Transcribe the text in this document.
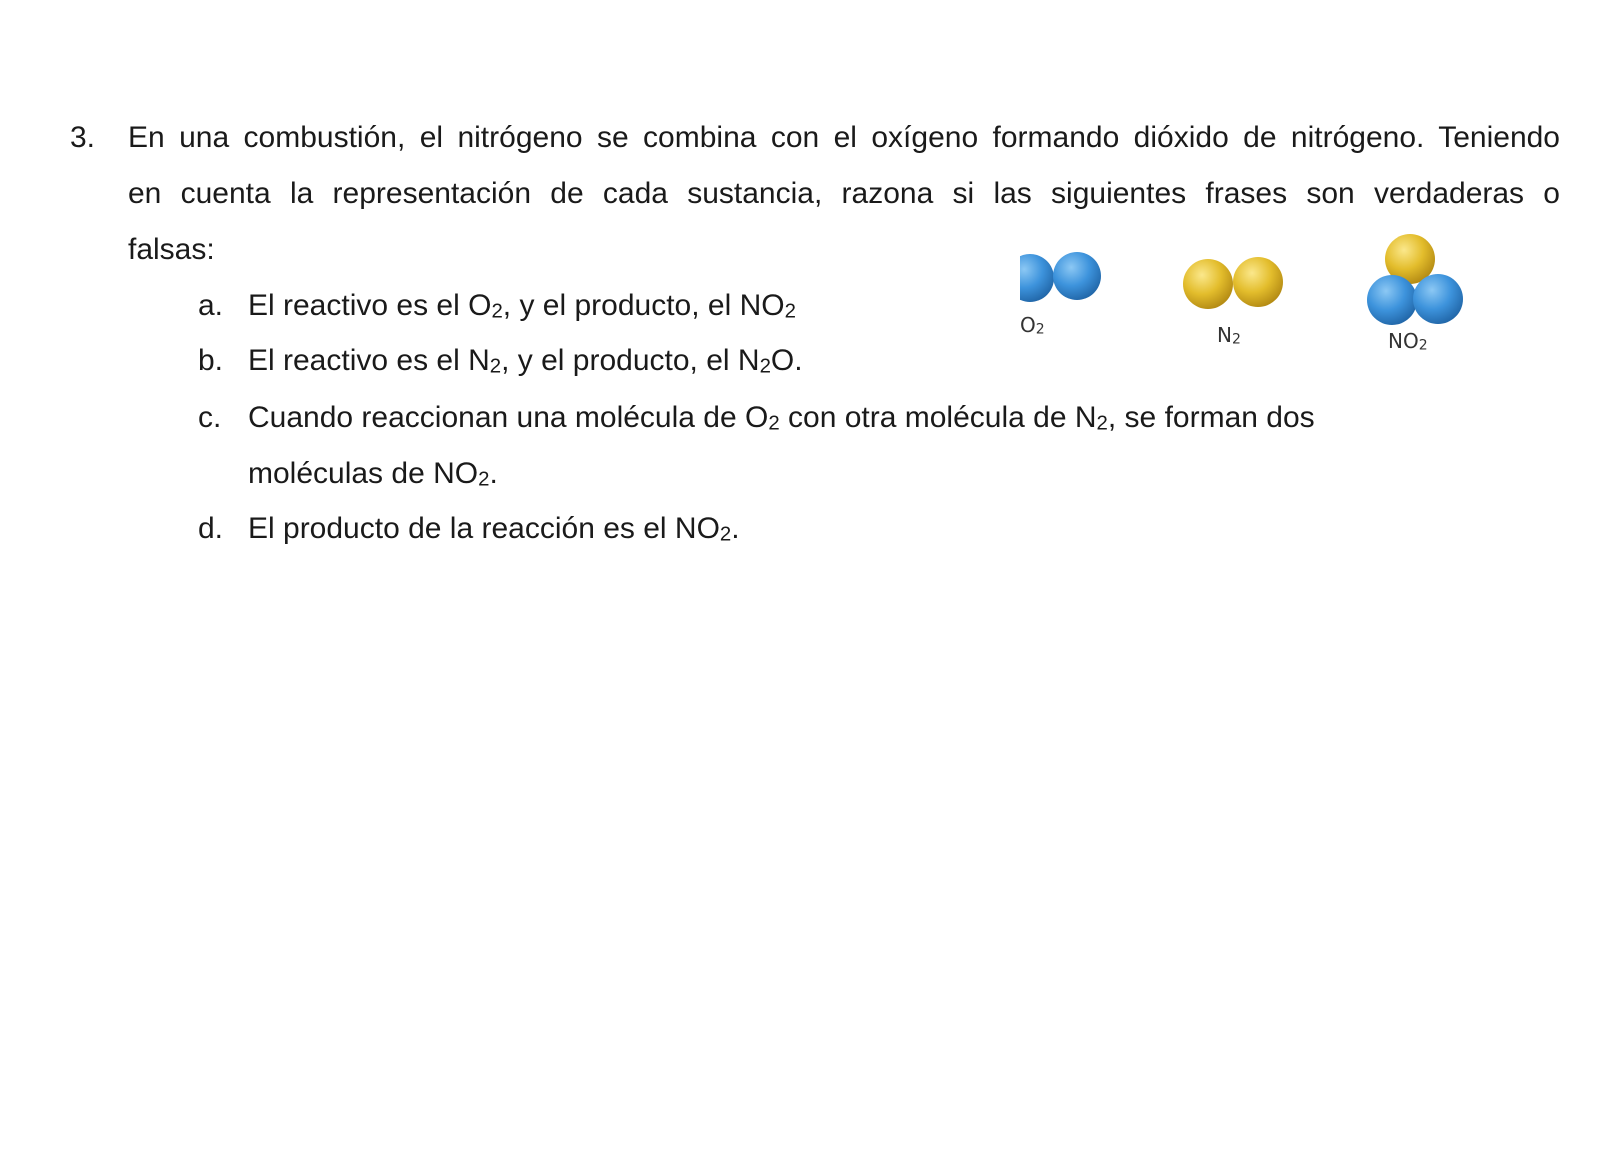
3. En una combustión, el nitrógeno se combina con el oxígeno formando dióxido de nitrógeno. Teniendo en cuenta la representación de cada sustancia, razona si las siguientes frases son verdaderas o falsas:
a. El reactivo es el O2, y el producto, el NO2
b. El reactivo es el N2, y el producto, el N2O.
c. Cuando reaccionan una molécula de O2 con otra molécula de N2, se forman dos
moléculas de NO2.
d. El producto de la reacción es el NO2.
O2	N2	NO2
